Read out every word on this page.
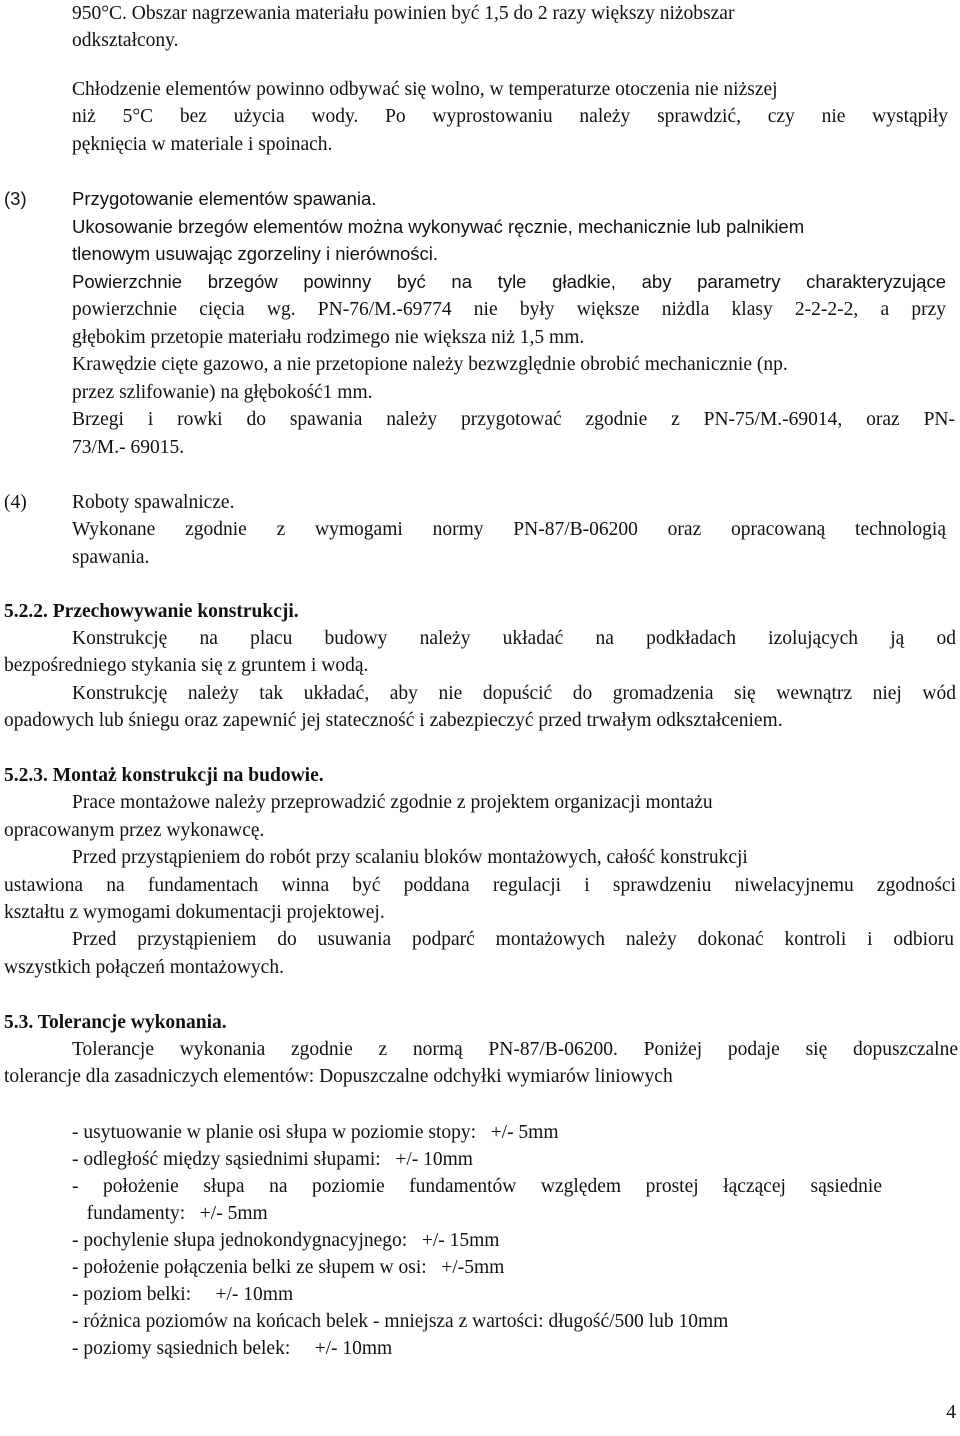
950°C. Obszar nagrzewania materiału powinien być 1,5 do 2 razy większy niżobszar

odkształcony.

Chłodzenie elementów powinno odbywać się wolno, w temperaturze otoczenia nie niższej

niż 5°C bez użycia wody. Po wyprostowaniu należy sprawdzić, czy nie wystąpiły

pęknięcia w materiale i spoinach.

(3) Przygotowanie elementów spawania.

Ukosowanie brzegów elementów można wykonywać ręcznie, mechanicznie lub palnikiem

tlenowym usuwając zgorzeliny i nierówności.

Powierzchnie brzegów powinny być na tyle gładkie, aby parametry charakteryzujące

powierzchnie cięcia wg. PN-76/M.-69774 nie były większe niżdla klasy 2-2-2-2, a przy

głębokim przetopie materiału rodzimego nie większa niż 1,5 mm.

Krawędzie cięte gazowo, a nie przetopione należy bezwzględnie obrobić mechanicznie (np.

przez szlifowanie) na głębokość1 mm.

Brzegi i rowki do spawania należy przygotować zgodnie z PN-75/M.-69014, oraz PN-

73/M.- 69015.

(4) Roboty spawalnicze.

Wykonane zgodnie z wymogami normy PN-87/B-06200 oraz opracowaną technologią

spawania.

5.2.2. Przechowywanie konstrukcji.

Konstrukcję na placu budowy należy układać na podkładach izolujących ją od

bezpośredniego stykania się z gruntem i wodą.

Konstrukcję należy tak układać, aby nie dopuścić do gromadzenia się wewnątrz niej wód

opadowych lub śniegu oraz zapewnić jej stateczność i zabezpieczyć przed trwałym odkształceniem.

5.2.3. Montaż konstrukcji na budowie.

Prace montażowe należy przeprowadzić zgodnie z projektem organizacji montażu

opracowanym przez wykonawcę.

Przed przystąpieniem do robót przy scalaniu bloków montażowych, całość konstrukcji

ustawiona na fundamentach winna być poddana regulacji i sprawdzeniu niwelacyjnemu zgodności

kształtu z wymogami dokumentacji projektowej.

Przed przystąpieniem do usuwania podparć montażowych należy dokonać kontroli i odbioru

wszystkich połączeń montażowych.

5.3. Tolerancje wykonania.

Tolerancje wykonania zgodnie z normą PN-87/B-06200. Poniżej podaje się dopuszczalne

tolerancje dla zasadniczych elementów: Dopuszczalne odchyłki wymiarów liniowych

- usytuowanie w planie osi słupa w poziomie stopy:   +/- 5mm

- odległość między sąsiednimi słupami:   +/- 10mm

- położenie słupa na poziomie fundamentów względem prostej łączącej sąsiednie

fundamenty:   +/- 5mm

- pochylenie słupa jednokondygnacyjnego:   +/- 15mm

- położenie połączenia belki ze słupem w osi:   +/-5mm

- poziom belki:     +/- 10mm

- różnica poziomów na końcach belek - mniejsza z wartości: długość/500 lub 10mm

- poziomy sąsiednich belek:     +/- 10mm

4
